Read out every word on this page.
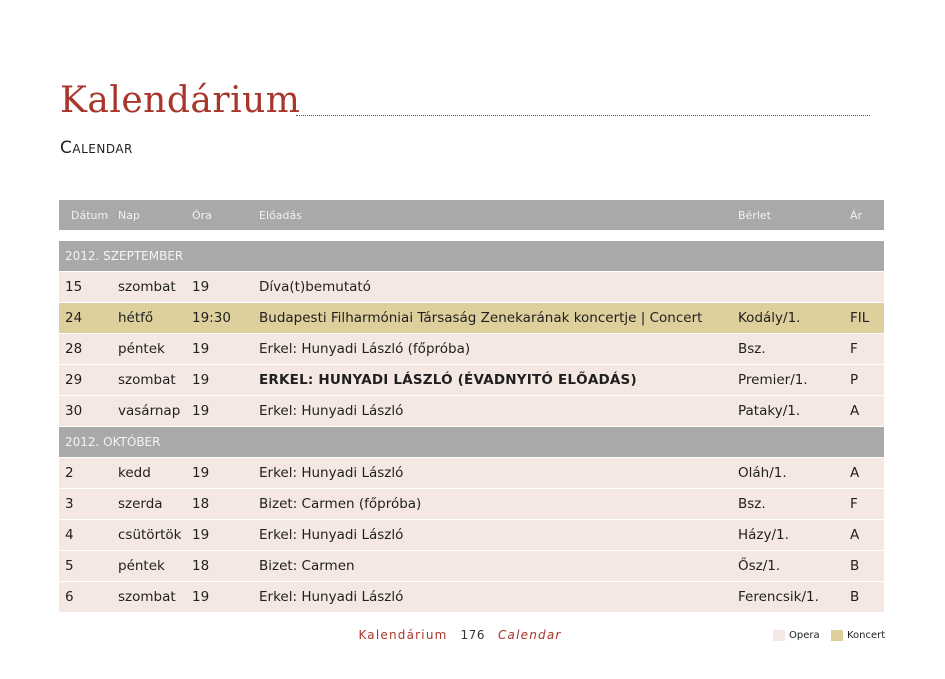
Kalendárium
Calendar
Dátum Nap	Óra	Előadás	Bérlet	Ár
2012. SZEPTEMBER
15	szombat 19	Díva(t)bemutató
24	hétfő	19:30 Budapesti Filharmóniai Társaság Zenekarának koncertje | Concert	Kodály/1.	FIL
28	péntek 19	Erkel: Hunyadi László (főpróba)	Bsz.	F
29	szombat 19	ERKEL: HUNYADI LÁSZLÓ (ÉVADNYITÓ ELŐADÁS)	Premier/1.	P
30	vasárnap 19	Erkel: Hunyadi László	Pataky/1.	A
2012. OKTÓBER
2	kedd	19	Erkel: Hunyadi László	Oláh/1.	A
3	szerda 18	Bizet: Carmen (főpróba)	Bsz.	F
4	csütörtök 19	Erkel: Hunyadi László	Házy/1.	A
5	péntek 18	Bizet: Carmen	Ősz/1.	B
6	szombat 19	Erkel: Hunyadi László	Ferencsik/1. B
Kalendárium 176 Calendar	Opera	Koncert
